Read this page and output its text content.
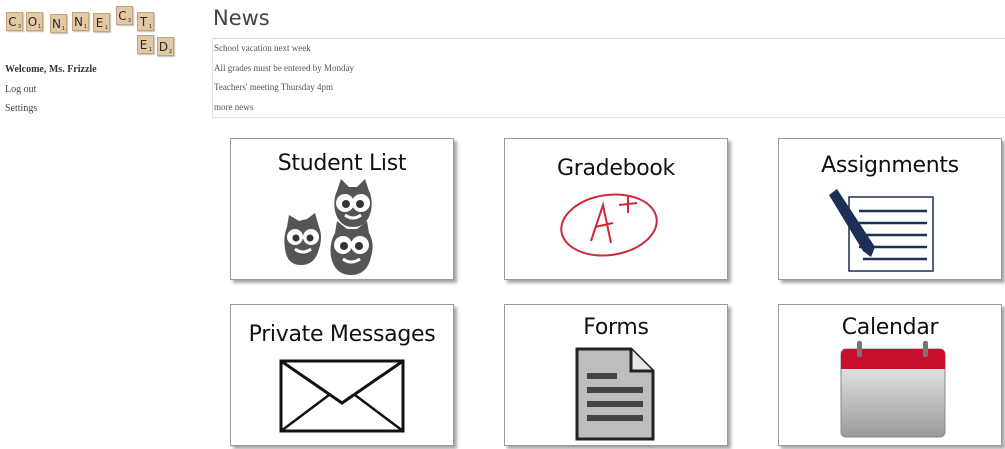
C 3 O 1 N 1 N 1 E 1
C 3 T 1
E 1 D 2
Welcome, Ms. Frizzle
Log out
Settings
News
School vacation next week
All grades must be entered by Monday
Teachers' meeting Thursday 4pm
more news
Student List	Gradebook	Assignments
Private Messages	Forms	Calendar
